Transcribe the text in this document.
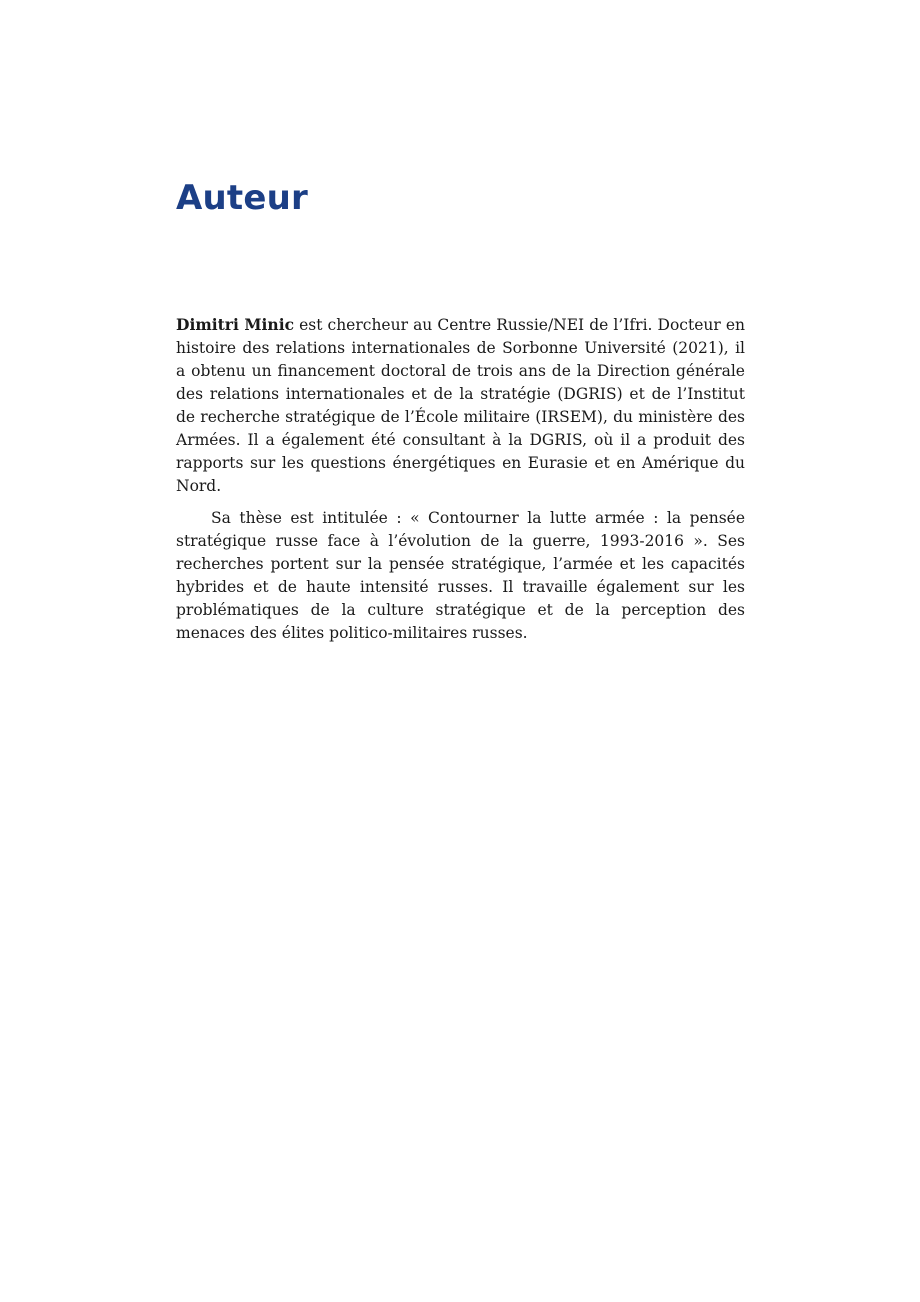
Auteur

Dimitri Minic est chercheur au Centre Russie/NEI de l’Ifri. Docteur en histoire des relations internationales de Sorbonne Université (2021), il a obtenu un financement doctoral de trois ans de la Direction générale des relations internationales et de la stratégie (DGRIS) et de l’Institut de recherche stratégique de l’École militaire (IRSEM), du ministère des Armées. Il a également été consultant à la DGRIS, où il a produit des rapports sur les questions énergétiques en Eurasie et en Amérique du Nord.

Sa thèse est intitulée : « Contourner la lutte armée : la pensée stratégique russe face à l’évolution de la guerre, 1993-2016 ». Ses recherches portent sur la pensée stratégique, l’armée et les capacités hybrides et de haute intensité russes. Il travaille également sur les problématiques de la culture stratégique et de la perception des menaces des élites politico-militaires russes.
